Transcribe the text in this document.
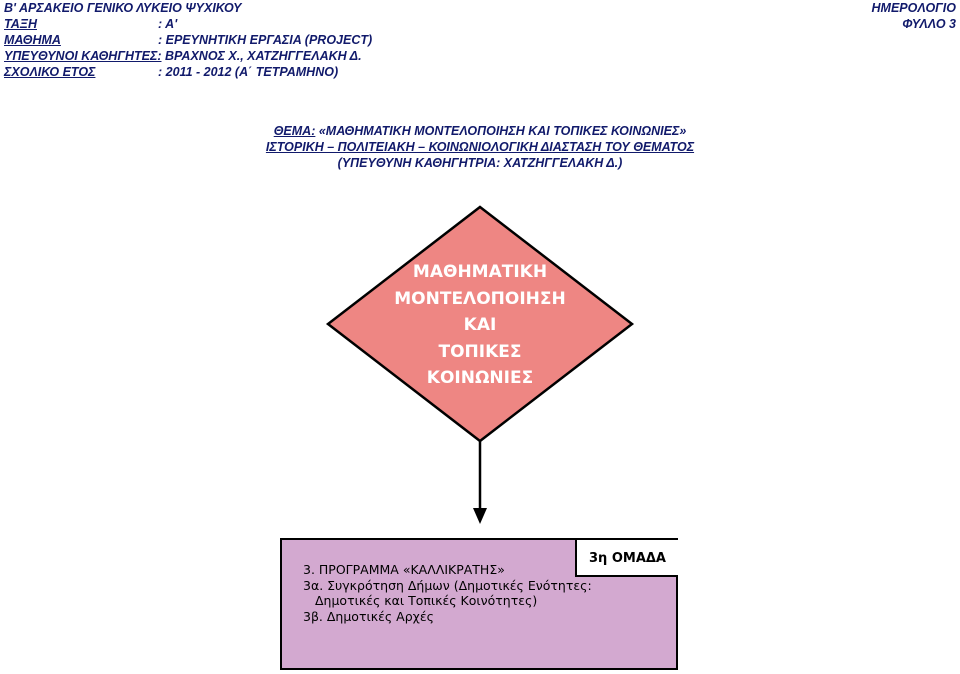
Β' ΑΡΣΑΚΕΙΟ ΓΕΝΙΚΟ ΛΥΚΕΙΟ ΨΥΧΙΚΟΥ
ΤΑΞΗ	: Α'
ΜΑΘΗΜΑ	: ΕΡΕΥΝΗΤΙΚΗ ΕΡΓΑΣΙΑ (PROJECT)
ΥΠΕΥΘΥΝΟΙ ΚΑΘΗΓΗΤΕΣ: ΒΡΑΧΝΟΣ Χ., ΧΑΤΖΗΓΓΕΛΑΚΗ Δ.
ΣΧΟΛΙΚΟ ΕΤΟΣ	: 2011 - 2012 (Α΄ ΤΕΤΡΑΜΗΝΟ)
ΗΜΕΡΟΛΟΓΙΟ
ΦΥΛΛΟ 3
ΘΕΜΑ: «ΜΑΘΗΜΑΤΙΚΗ ΜΟΝΤΕΛΟΠΟΙΗΣΗ ΚΑΙ ΤΟΠΙΚΕΣ ΚΟΙΝΩΝΙΕΣ»
ΙΣΤΟΡΙΚΗ – ΠΟΛΙΤΕΙΑΚΗ – ΚΟΙΝΩΝΙΟΛΟΓΙΚΗ ΔΙΑΣΤΑΣΗ ΤΟΥ ΘΕΜΑΤΟΣ
(ΥΠΕΥΘΥΝΗ ΚΑΘΗΓΗΤΡΙΑ: ΧΑΤΖΗΓΓΕΛΑΚΗ Δ.)
ΜΑΘΗΜΑΤΙΚΗ
ΜΟΝΤΕΛΟΠΟΙΗΣΗ
ΚΑΙ
ΤΟΠΙΚΕΣ
ΚΟΙΝΩΝΙΕΣ
3η ΟΜΑΔΑ
3. ΠΡΟΓΡΑΜΜΑ «ΚΑΛΛΙΚΡΑΤΗΣ»
3α. Συγκρότηση Δήμων (Δημοτικές Ενότητες:
Δημοτικές και Τοπικές Κοινότητες)
3β. Δημοτικές Αρχές
